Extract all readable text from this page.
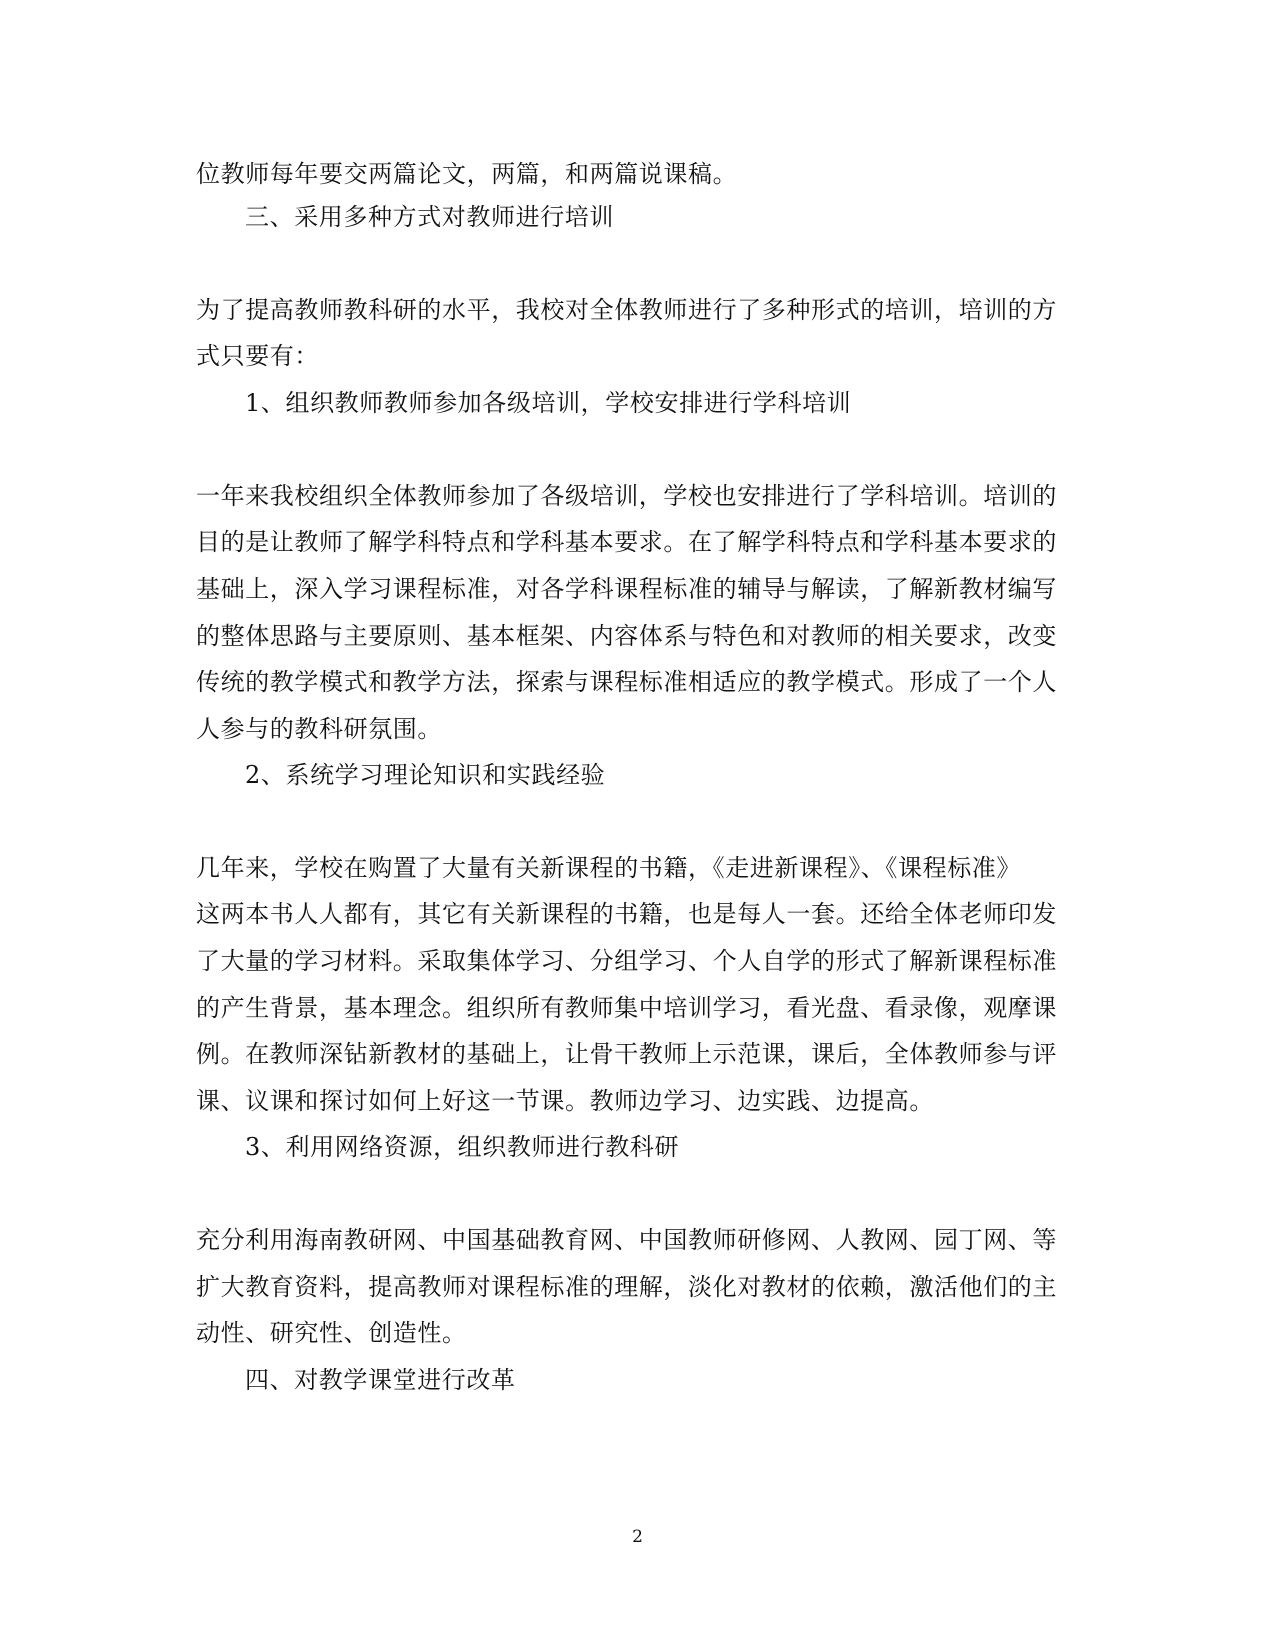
位教师每年要交两篇论文，两篇，和两篇说课稿。
三、采用多种方式对教师进行培训
为了提高教师教科研的水平，我校对全体教师进行了多种形式的培训，培训的方
式只要有：
1、组织教师教师参加各级培训，学校安排进行学科培训
一年来我校组织全体教师参加了各级培训，学校也安排进行了学科培训。培训的
目的是让教师了解学科特点和学科基本要求。在了解学科特点和学科基本要求的
基础上，深入学习课程标准，对各学科课程标准的辅导与解读，了解新教材编写
的整体思路与主要原则、基本框架、内容体系与特色和对教师的相关要求，改变
传统的教学模式和教学方法，探索与课程标准相适应的教学模式。形成了一个人
人参与的教科研氛围。
2、系统学习理论知识和实践经验
几年来，学校在购置了大量有关新课程的书籍，《走进新课程》、《课程标准》
这两本书人人都有，其它有关新课程的书籍，也是每人一套。还给全体老师印发
了大量的学习材料。采取集体学习、分组学习、个人自学的形式了解新课程标准
的产生背景，基本理念。组织所有教师集中培训学习，看光盘、看录像，观摩课
例。在教师深钻新教材的基础上，让骨干教师上示范课，课后，全体教师参与评
课、议课和探讨如何上好这一节课。教师边学习、边实践、边提高。
3、利用网络资源，组织教师进行教科研
充分利用海南教研网、中国基础教育网、中国教师研修网、人教网、园丁网、等
扩大教育资料，提高教师对课程标准的理解，淡化对教材的依赖，激活他们的主
动性、研究性、创造性。
四、对教学课堂进行改革
2
